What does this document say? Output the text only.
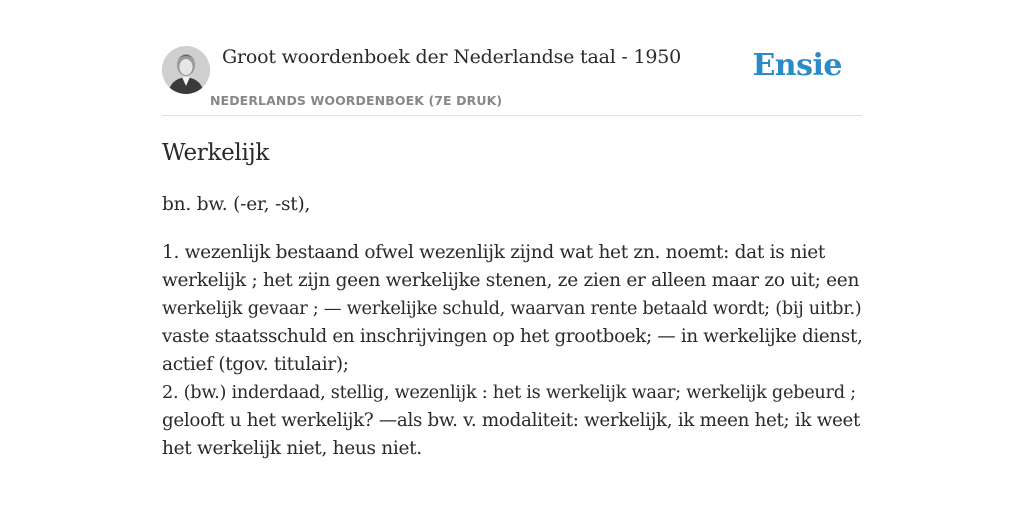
Groot woordenboek der Nederlandse taal - 1950
NEDERLANDS WOORDENBOEK (7E DRUK)
Ensie
Werkelijk
bn. bw. (-er, -st),
1. wezenlijk bestaand ofwel wezenlijk zijnd wat het zn. noemt: dat is niet
werkelijk ; het zijn geen werkelijke stenen, ze zien er alleen maar zo uit; een
werkelijk gevaar ; — werkelijke schuld, waarvan rente betaald wordt; (bij uitbr.)
vaste staatsschuld en inschrijvingen op het grootboek; — in werkelijke dienst,
actief (tgov. titulair);
2. (bw.) inderdaad, stellig, wezenlijk : het is werkelijk waar; werkelijk gebeurd ;
gelooft u het werkelijk? —als bw. v. modaliteit: werkelijk, ik meen het; ik weet
het werkelijk niet, heus niet.
